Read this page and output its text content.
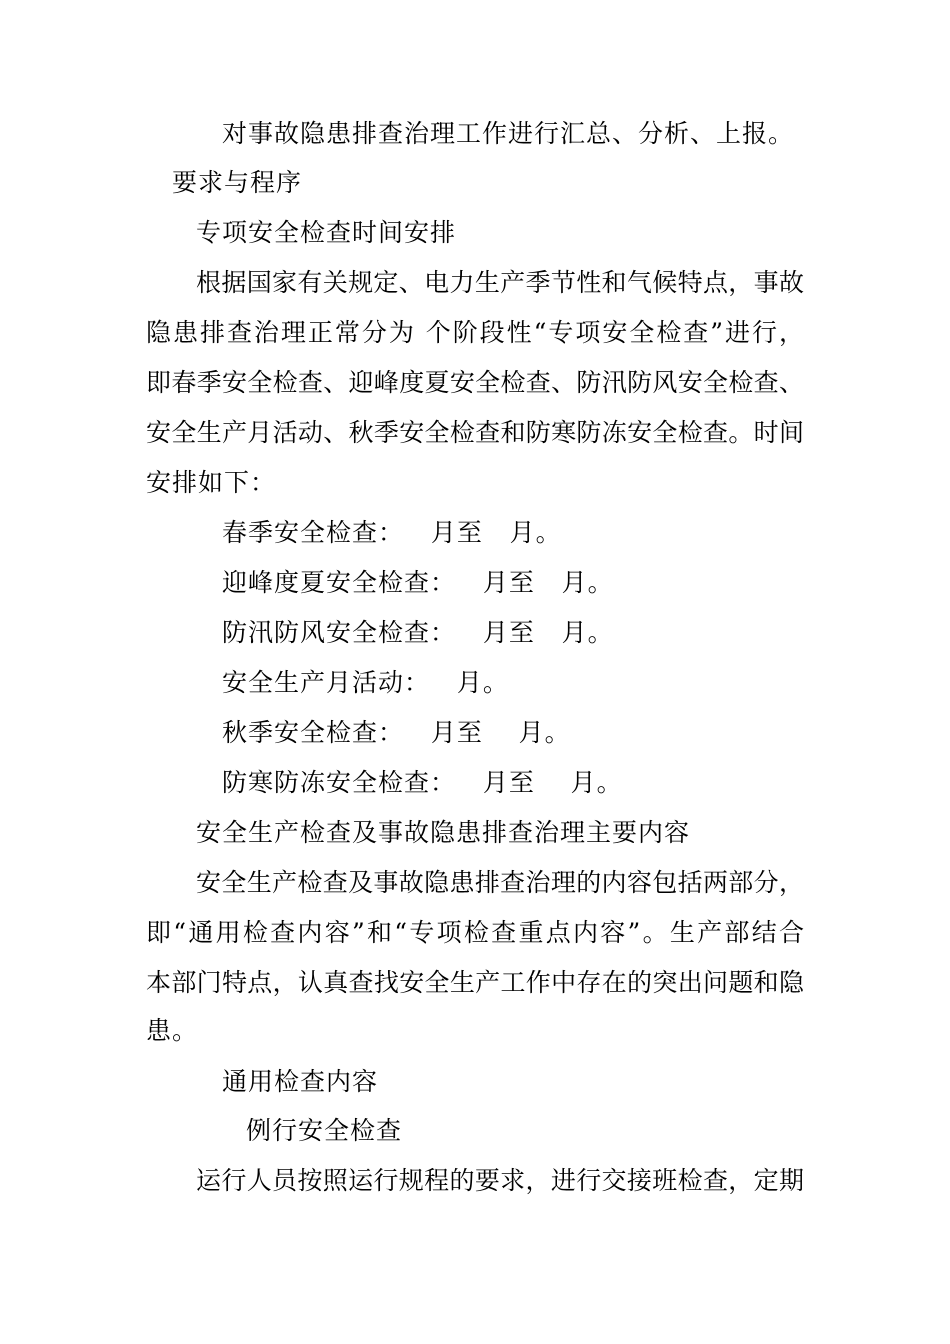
对事故隐患排查治理工作进行汇总、分析、上报。

要求与程序

专项安全检查时间安排

根据国家有关规定、电力生产季节性和气候特点，事故

隐患排查治理正常分为 个阶段性“专项安全检查”进行，

即春季安全检查、迎峰度夏安全检查、防汛防风安全检查、

安全生产月活动、秋季安全检查和防寒防冻安全检查。时间

安排如下：

春季安全检查：   月至   月。

迎峰度夏安全检查：   月至   月。

防汛防风安全检查：   月至   月。

安全生产月活动：   月。

秋季安全检查：   月至    月。

防寒防冻安全检查：   月至    月。

安全生产检查及事故隐患排查治理主要内容

安全生产检查及事故隐患排查治理的内容包括两部分，

即“通用检查内容”和“专项检查重点内容”。生产部结合

本部门特点，认真查找安全生产工作中存在的突出问题和隐

患。

通用检查内容

例行安全检查

运行人员按照运行规程的要求，进行交接班检查，定期
